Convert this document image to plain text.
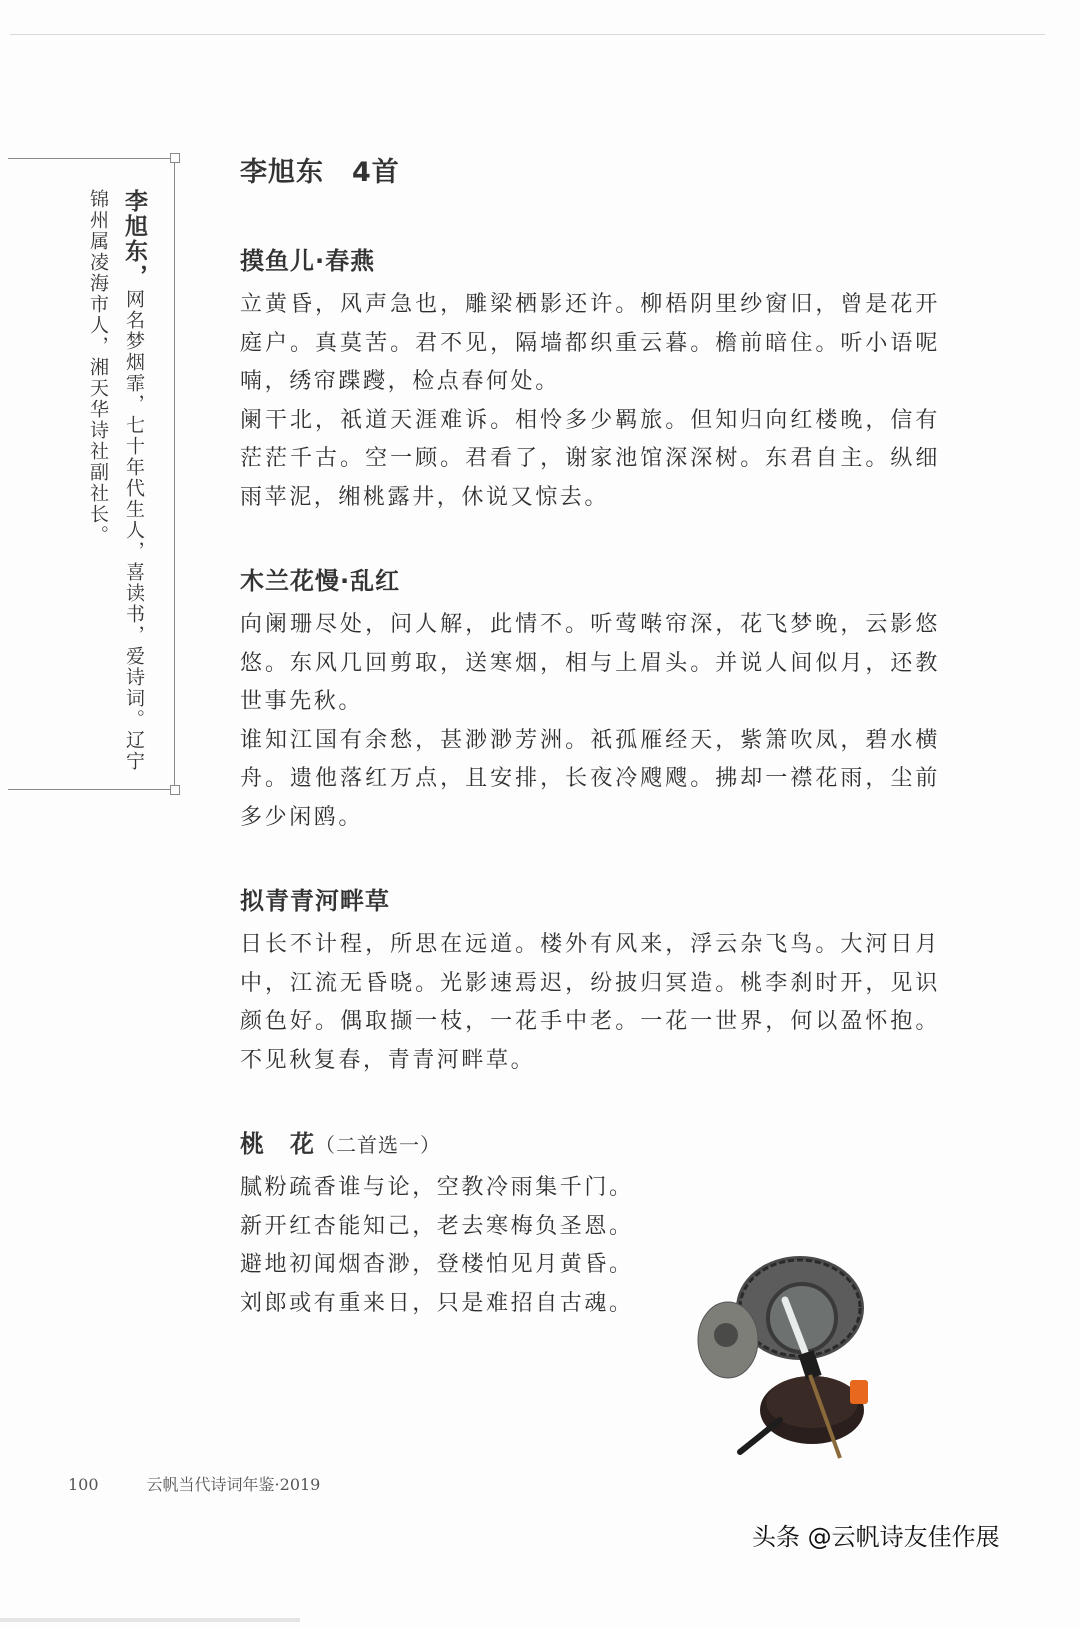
李旭东，网名梦烟霏，七十年代生人，喜读书，爱诗词。辽宁锦州属凌海市人，湘天华诗社副社长。
李旭东 4首
摸鱼儿·春燕

立黄昏，风声急也，雕梁栖影还许。柳梧阴里纱窗旧，曾是花开庭户。真莫苦。君不见，隔墙都织重云暮。檐前暗住。听小语呢喃，绣帘蹀躞，检点春何处。

阑干北，祇道天涯难诉。相怜多少羁旅。但知归向红楼晚，信有茫茫千古。空一顾。君看了，谢家池馆深深树。东君自主。纵细雨苹泥，缃桃露井，休说又惊去。

木兰花慢·乱红

向阑珊尽处，问人解，此情不。听莺啭帘深，花飞梦晚，云影悠悠。东风几回剪取，送寒烟，相与上眉头。并说人间似月，还教世事先秋。

谁知江国有余愁，甚渺渺芳洲。祇孤雁经天，紫箫吹凤，碧水横舟。遗他落红万点，且安排，长夜冷飕飕。拂却一襟花雨，尘前多少闲鸥。

拟青青河畔草

日长不计程，所思在远道。楼外有风来，浮云杂飞鸟。大河日月中，江流无昏晓。光影速焉迟，纷披归冥造。桃李刹时开，见识颜色好。偶取撷一枝，一花手中老。一花一世界，何以盈怀抱。不见秋复春，青青河畔草。

桃　花（二首选一）

腻粉疏香谁与论，空教冷雨集千门。

新开红杏能知己，老去寒梅负圣恩。

避地初闻烟杳渺，登楼怕见月黄昏。

刘郎或有重来日，只是难招自古魂。

100	云帆当代诗词年鉴·2019
头条 @云帆诗友佳作展
